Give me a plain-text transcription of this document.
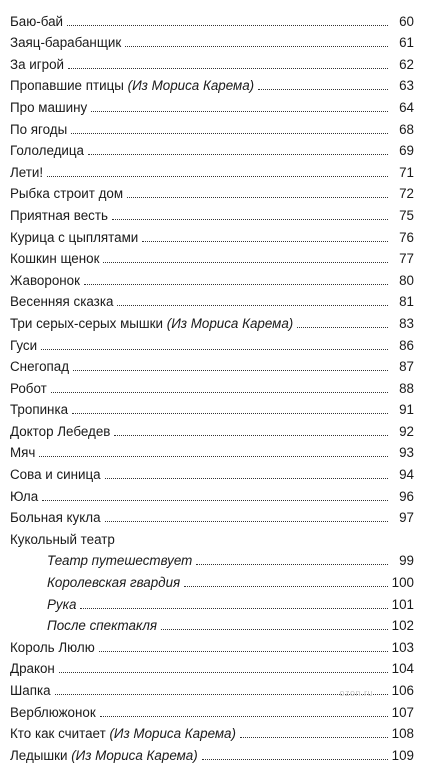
Баю-бай	60
Заяц-барабанщик	61
За игрой	62
Пропавшие птицы (Из Мориса Карема)	63
Про машину	64
По ягоды	68
Гололедица	69
Лети!	71
Рыбка строит дом	72
Приятная весть	75
Курица с цыплятами	76
Кошкин щенок	77
Жаворонок	80
Весенняя сказка	81
Три серых-серых мышки (Из Мориса Карема)	83
Гуси	86
Снегопад	87
Робот	88
Тропинка	91
Доктор Лебедев	92
Мяч	93
Сова и синица	94
Юла	96
Больная кукла	97
Кукольный театр
Театр путешествует	99
Королевская гвардия	100
Рука	101
После спектакля	102
Король Люлю	103
Дракон	104
Шапка	106
Верблюжонок	107
Кто как считает (Из Мориса Карема)	108
Ледышки (Из Мориса Карема)	109
ozon.ru
